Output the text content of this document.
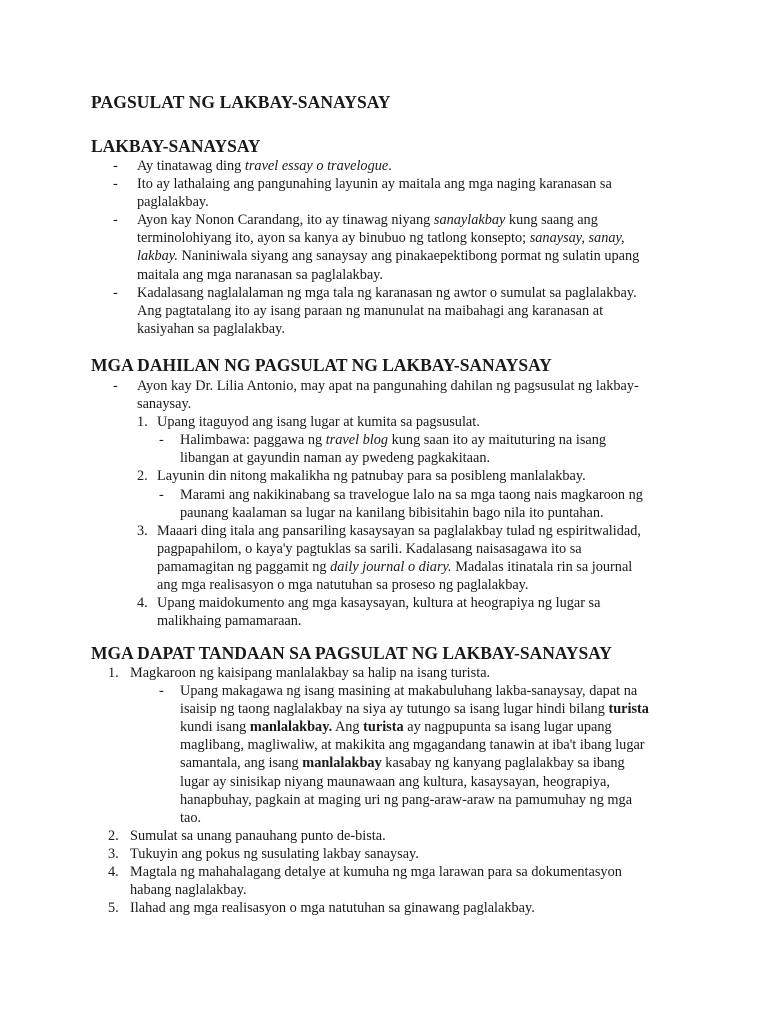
PAGSULAT NG LAKBAY-SANAYSAY
LAKBAY-SANAYSAY
- Ay tinatawag ding travel essay o travelogue.
- Ito ay lathalaing ang pangunahing layunin ay maitala ang mga naging karanasan sa
paglalakbay.
- Ayon kay Nonon Carandang, ito ay tinawag niyang sanaylakbay kung saang ang
terminolohiyang ito, ayon sa kanya ay binubuo ng tatlong konsepto; sanaysay, sanay,
lakbay. Naniniwala siyang ang sanaysay ang pinakaepektibong pormat ng sulatin upang
maitala ang mga naranasan sa paglalakbay.
- Kadalasang naglalalaman ng mga tala ng karanasan ng awtor o sumulat sa paglalakbay.
Ang pagtatalang ito ay isang paraan ng manunulat na maibahagi ang karanasan at
kasiyahan sa paglalakbay.
MGA DAHILAN NG PAGSULAT NG LAKBAY-SANAYSAY
- Ayon kay Dr. Lilia Antonio, may apat na pangunahing dahilan ng pagsusulat ng lakbay-
sanaysay.
1. Upang itaguyod ang isang lugar at kumita sa pagsusulat.
- Halimbawa: paggawa ng travel blog kung saan ito ay maituturing na isang
libangan at gayundin naman ay pwedeng pagkakitaan.
2. Layunin din nitong makalikha ng patnubay para sa posibleng manlalakbay.
- Marami ang nakikinabang sa travelogue lalo na sa mga taong nais magkaroon ng
paunang kaalaman sa lugar na kanilang bibisitahin bago nila ito puntahan.
3. Maaari ding itala ang pansariling kasaysayan sa paglalakbay tulad ng espiritwalidad,
pagpapahilom, o kaya'y pagtuklas sa sarili. Kadalasang naisasagawa ito sa
pamamagitan ng paggamit ng daily journal o diary. Madalas itinatala rin sa journal
ang mga realisasyon o mga natutuhan sa proseso ng paglalakbay.
4. Upang maidokumento ang mga kasaysayan, kultura at heograpiya ng lugar sa
malikhaing pamamaraan.
MGA DAPAT TANDAAN SA PAGSULAT NG LAKBAY-SANAYSAY
1. Magkaroon ng kaisipang manlalakbay sa halip na isang turista.
- Upang makagawa ng isang masining at makabuluhang lakba-sanaysay, dapat na
isaisip ng taong naglalakbay na siya ay tutungo sa isang lugar hindi bilang turista
kundi isang manlalakbay. Ang turista ay nagpupunta sa isang lugar upang
maglibang, magliwaliw, at makikita ang mgagandang tanawin at iba't ibang lugar
samantala, ang isang manlalakbay kasabay ng kanyang paglalakbay sa ibang
lugar ay sinisikap niyang maunawaan ang kultura, kasaysayan, heograpiya,
hanapbuhay, pagkain at maging uri ng pang-araw-araw na pamumuhay ng mga
tao.
2. Sumulat sa unang panauhang punto de-bista.
3. Tukuyin ang pokus ng susulating lakbay sanaysay.
4. Magtala ng mahahalagang detalye at kumuha ng mga larawan para sa dokumentasyon
habang naglalakbay.
5. Ilahad ang mga realisasyon o mga natutuhan sa ginawang paglalakbay.
